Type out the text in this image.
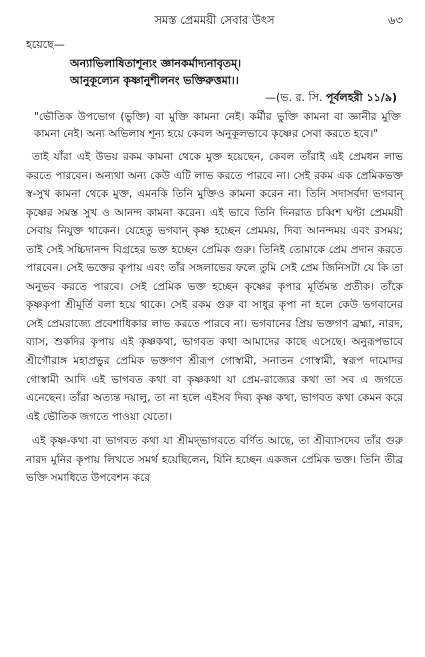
সমস্ত প্রেমময়ী সেবার উৎস	৬৩
হয়েছে—
অন্যাভিলাষিতাশূন্যং জ্ঞানকর্মাদ্যনাবৃতম্।
আনুকূল্যেন কৃষ্ণানুশীলনং ভক্তিরুত্তমা।।
—(ভ. র. সি. পূর্বলহরী ১১/৯)
"ভৌতিক উপভোগ (ভুক্তি) বা মুক্তি কামনা নেই। কর্মীর ভুক্তি কামনা বা জ্ঞানীর মুক্তি কামনা নেই। অন্য অভিলাষ শূন্য হয়ে কেবল অনুকূলভাবে কৃষ্ণের সেবা করতে হবে।"

তাই যাঁরা এই উভয় রকম কামনা থেকে মুক্ত হয়েছেন, কেবল তাঁরাই এই প্রেমধন লাভ করতে পারবেন। অন্যথা অন্য কেউ এটি লাভ করতে পারবে না। সেই রকম এক প্রেমিকভক্ত স্ব-সুখ কামনা থেকে মুক্ত, এমনকি তিনি মুক্তিও কামনা করেন না। তিনি সদাসর্বদা ভগবান্‌ কৃষ্ণের সমস্ত সুখ ও আনন্দ কামনা করেন। এই ভাবে তিনি দিনরাত চব্বিশ ঘণ্টা প্রেমময়ী সেবায় নিযুক্ত থাকেন। যেহেতু ভগবান্‌ কৃষ্ণ হচ্ছেন প্রেমময়, দিব্য আনন্দময় এবং রসময়; তাই সেই সচ্চিদানন্দ বিগ্রহের ভক্ত হচ্ছেন প্রেমিক গুরু। তিনিই তোমাকে প্রেম প্রদান করতে পারবেন। সেই ভক্তের কৃপায় এবং তাঁর সঙ্গলাভের ফলে তুমি সেই প্রেম জিনিসটা যে কি তা অনুভব করতে পারবে। সেই প্রেমিক ভক্ত হচ্ছেন কৃষ্ণের কৃপার মূর্তিমন্ত প্রতীক। তাঁকে কৃষ্ণকৃপা শ্রীমূর্তি বলা হয়ে থাকে। সেই রকম গুরু বা সাধুর কৃপা না হলে কেউ ভগবানের সেই প্রেমরাজ্যে প্রবেশাধিকার লাভ করতে পারবে না। ভগবানের প্রিয় ভক্তগণ ব্রহ্মা, নারদ, ব্যাস, শুকদির কৃপায় এই কৃষ্ণকথা, ভাগবত কথা আমাদের কাছে এসেছে। অনুরূপভাবে শ্রীগৌরাঙ্গ মহাপ্রভুর প্রেমিক ভক্তগণ শ্রীরূপ গোস্বামী, সনাতন গোস্বামী, স্বরূপ দামোদর গোস্বামী আদি এই ভাগবত কথা বা কৃষ্ণকথা যা প্রেম-রাজ্যের কথা তা সব এ জগতে এনেছেন। তাঁরা অত্যন্ত দয়ালু, তা না হলে এইসব দিব্য কৃষ্ণ কথা, ভাগবত কথা কেমন করে এই ভৌতিক জগতে পাওয়া যেতো।

এই কৃষ্ণ-কথা বা ভাগবত কথা যা শ্রীমদ্‌ভাগবতে বর্ণিত আছে, তা শ্রীব্যাসদেব তাঁর গুরু নারদ মুনির কৃপায় লিখতে সমর্থ হয়েছিলেন, যিনি হচ্ছেন একজন প্রেমিক ভক্ত। তিনি তীব্র ভক্তি সমাধিতে উপবেশন করে
